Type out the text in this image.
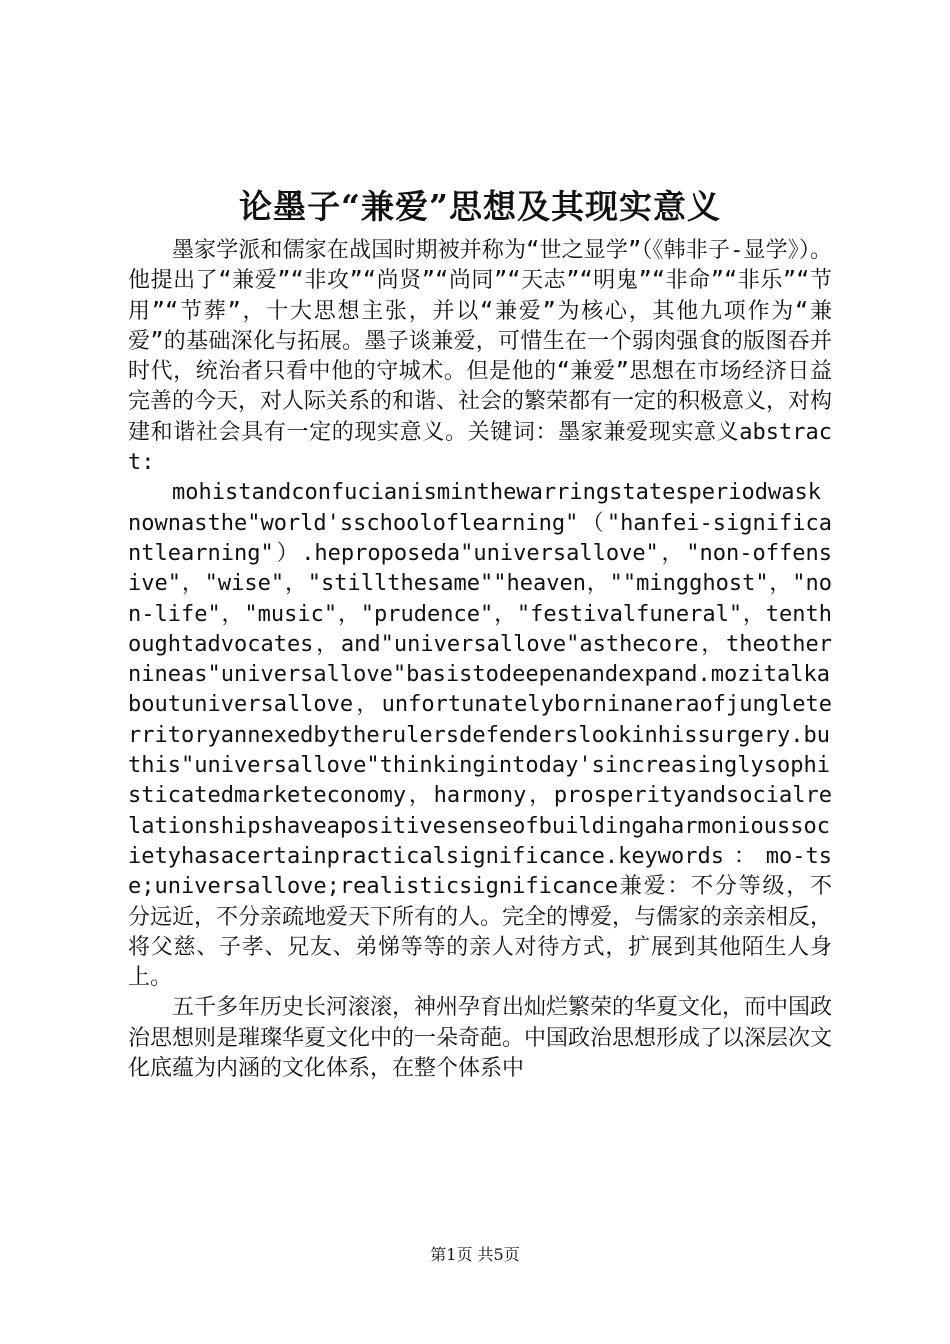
论墨子“兼爱”思想及其现实意义

墨家学派和儒家在战国时期被并称为“世之显学”（《韩非子-显学》）。他提出了“兼爱”“非攻”“尚贤”“尚同”“天志”“明鬼”“非命”“非乐”“节用”“节葬”，十大思想主张，并以“兼爱”为核心，其他九项作为“兼爱”的基础深化与拓展。墨子谈兼爱，可惜生在一个弱肉强食的版图吞并时代，统治者只看中他的守城术。但是他的“兼爱”思想在市场经济日益完善的今天，对人际关系的和谐、社会的繁荣都有一定的积极意义，对构建和谐社会具有一定的现实意义。关键词：墨家兼爱现实意义abstract:

mohistandconfucianisminthewarringstatesperiodwasknownasthe"world'sschooloflearning"（"hanfei-significantlearning"）.heproposeda"universallove"，"non-offensive"，"wise"，"stillthesame""heaven，""mingghost"，"non-life"，"music"，"prudence"，"festivalfuneral"，tenthoughtadvocates，and"universallove"asthecore，theothernineas"universallove"basistodeepenandexpand.mozitalkaboutuniversallove，unfortunatelyborninaneraofjungleterritoryannexedbytherulersdefenderslookinhissurgery.buthis"universallove"thinkingintoday'sincreasinglysophisticatedmarketeconomy，harmony，prosperityandsocialrelationshipshaveapositivesenseofbuildingaharmonioussocietyhasacertainpracticalsignificance.keywords：mo-tse;universallove;realisticsignificance兼爱：不分等级，不分远近，不分亲疏地爱天下所有的人。完全的博爱，与儒家的亲亲相反，将父慈、子孝、兄友、弟悌等等的亲人对待方式，扩展到其他陌生人身上。

五千多年历史长河滚滚，神州孕育出灿烂繁荣的华夏文化，而中国政治思想则是璀璨华夏文化中的一朵奇葩。中国政治思想形成了以深层次文化底蕴为内涵的文化体系，在整个体系中

第1页 共5页
